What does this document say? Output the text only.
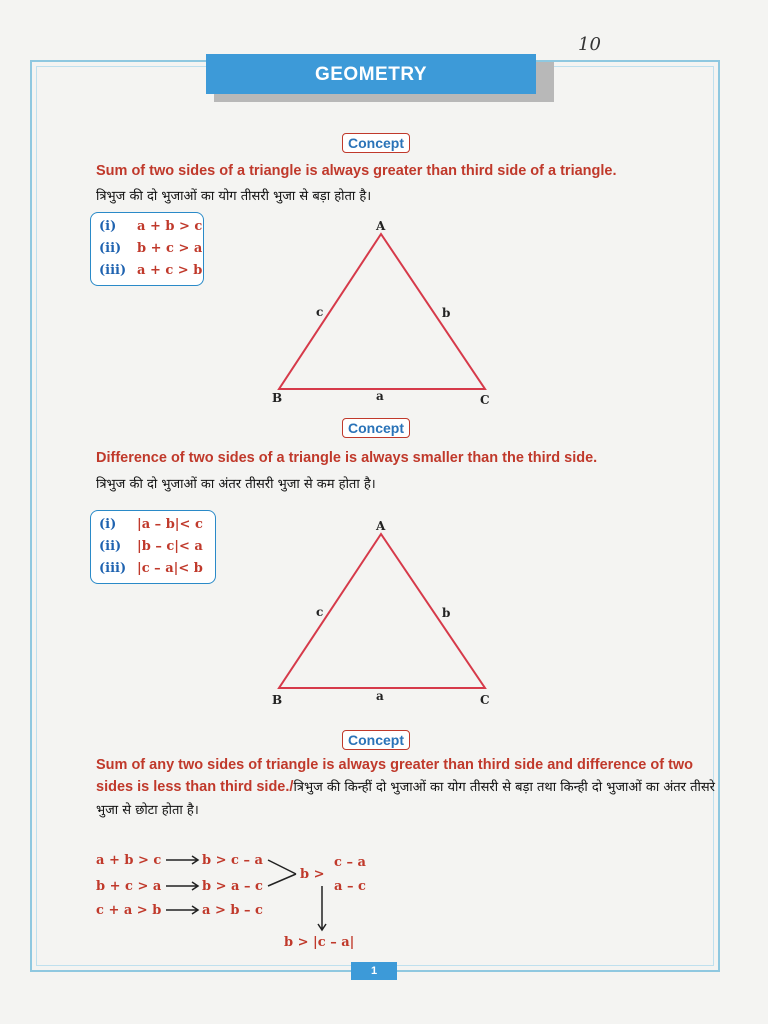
10
GEOMETRY
Concept
Sum of two sides of a triangle is always greater than third side of a triangle.
त्रिभुज की दो भुजाओं का योग तीसरी भुजा से बड़ा होता है।
(i) a + b > c
(ii) b + c > a
(iii) a + c > b
A
B	C
a
b
c
Concept
Difference of two sides of a triangle is always smaller than the third side.
त्रिभुज की दो भुजाओं का अंतर तीसरी भुजा से कम होता है।
(i) |a – b|< c
(ii) |b – c|< a
(iii) |c – a|< b
A
B	C
a
b
c
Concept
Sum of any two sides of triangle is always greater than third side and difference of two sides is less than third side./त्रिभुज की किन्हीं दो भुजाओं का योग तीसरी से बड़ा तथा किन्ही दो भुजाओं का अंतर तीसरे भुजा से छोटा होता है।
a + b > c
b + c > a
c + a > b
b > c – a
b > a – c
a > b – c
b >
c – a
a – c
b > |c – a|
1
